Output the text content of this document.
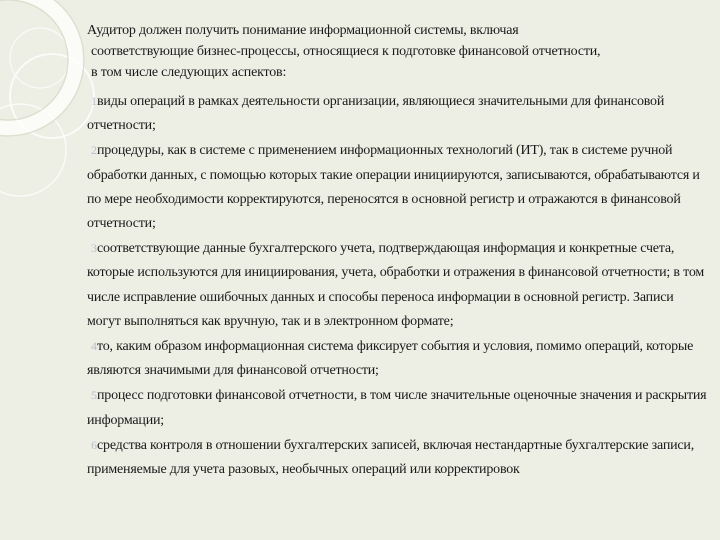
Аудитор должен получить понимание информационной системы, включая
соответствующие бизнес-процессы, относящиеся к подготовке финансовой отчетности,
в том числе следующих аспектов:

1виды операций в рамках деятельности организации, являющиеся значительными для финансовой отчетности;

2процедуры, как в системе с применением информационных технологий (ИТ), так в системе ручной обработки данных, с помощью которых такие операции инициируются, записываются, обрабатываются и по мере необходимости корректируются, переносятся в основной регистр и отражаются в финансовой отчетности;

3соответствующие данные бухгалтерского учета, подтверждающая информация и конкретные счета, которые используются для инициирования, учета, обработки и отражения в финансовой отчетности; в том числе исправление ошибочных данных и способы переноса информации в основной регистр. Записи могут выполняться как вручную, так и в электронном формате;

4то, каким образом информационная система фиксирует события и условия, помимо операций, которые являются значимыми для финансовой отчетности;

5процесс подготовки финансовой отчетности, в том числе значительные оценочные значения и раскрытия информации;

6средства контроля в отношении бухгалтерских записей, включая нестандартные бухгалтерские записи, применяемые для учета разовых, необычных операций или корректировок
